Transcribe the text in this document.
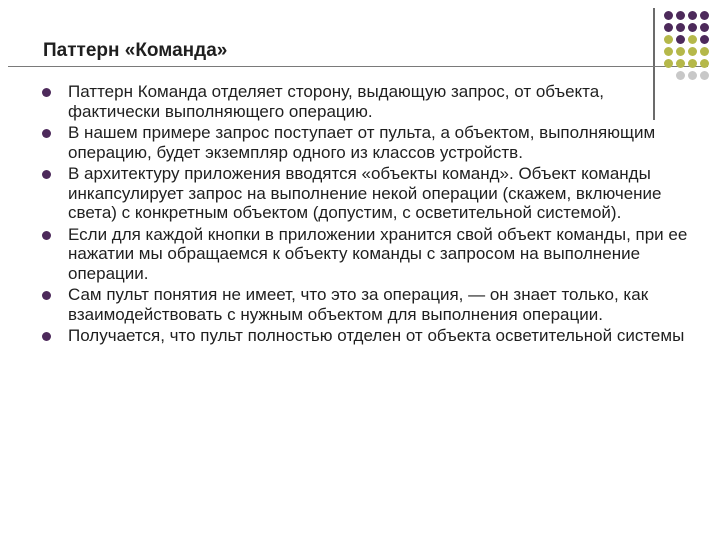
Паттерн «Команда»
Паттерн Команда отделяет сторону, выдающую запрос, от объекта, фактически выполняющего операцию.
В нашем примере запрос поступает от пульта, а объектом, выполняющим операцию, будет экземпляр одного из классов устройств.
В архитектуру приложения вводятся «объекты команд». Объект команды инкапсулирует запрос на выполнение некой операции (скажем, включение света) с конкретным объектом (допустим, с осветительной системой).
Если для каждой кнопки в приложении хранится свой объект команды, при ее нажатии мы обращаемся к объекту команды с запросом на выполнение операции.
Сам пульт понятия не имеет, что это за операция, — он знает только, как взаимодействовать с нужным объектом для выполнения операции.
Получается, что пульт полностью отделен от объекта осветительной системы
